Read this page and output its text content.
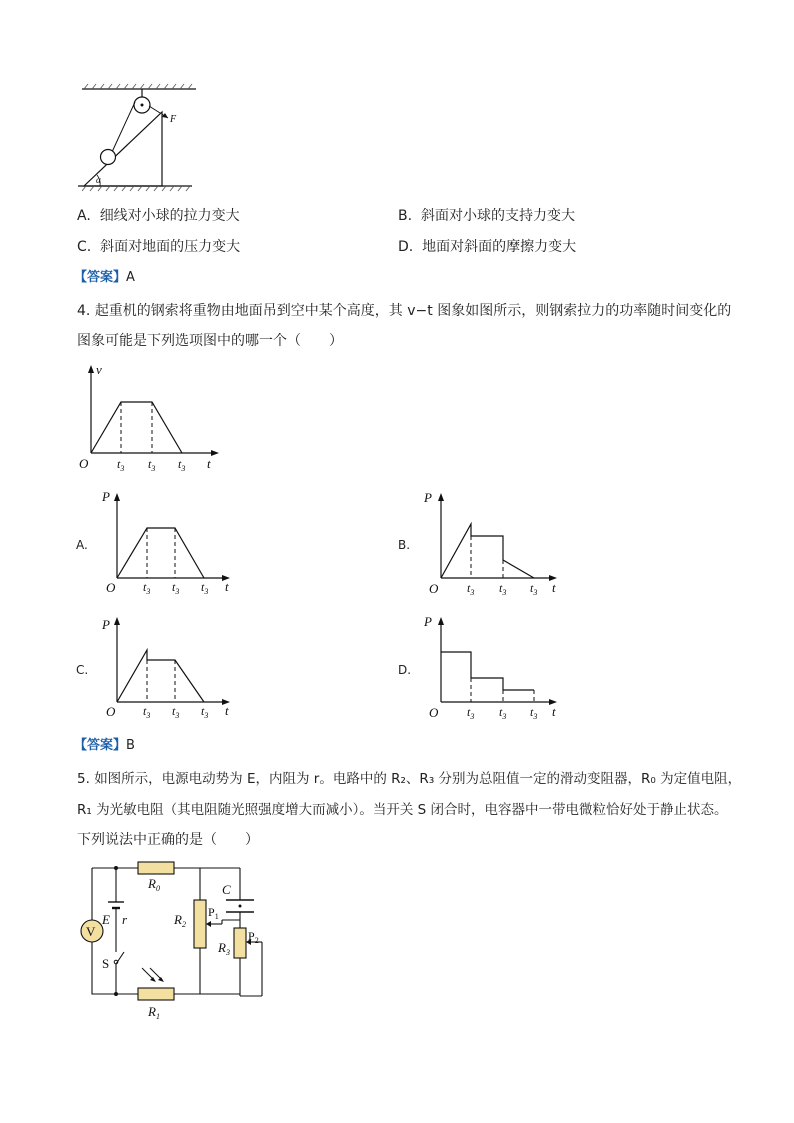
F
α
A. 细线对小球的拉力变大	B. 斜面对小球的支持力变大
C. 斜面对地面的压力变大	D. 地面对斜面的摩擦力变大
【答案】A
4. 起重机的钢索将重物由地面吊到空中某个高度，其 v−t 图象如图所示，则钢索拉力的功率随时间变化的
图象可能是下列选项图中的哪一个（　　）
v
t
O $t_3$ $t_3$ $t_3$
A.
P
t
O $t_3$ $t_3$ $t_3$
B.
P
t
O $t_3$ $t_3$ $t_3$
C.
P
t
O $t_3$ $t_3$ $t_3$
D.
P
t
O $t_3$ $t_3$ $t_3$
【答案】B
5. 如图所示，电源电动势为 E，内阻为 r。电路中的 R₂、R₃ 分别为总阻值一定的滑动变阻器，R₀ 为定值电阻，
R₁ 为光敏电阻（其电阻随光照强度增大而减小）。当开关 S 闭合时，电容器中一带电微粒恰好处于静止状态。
下列说法中正确的是（　　）
V
$R_0$
$R_1$
$R_2$
$R_3$
C
E r
S
$P_1$
$P_2$
